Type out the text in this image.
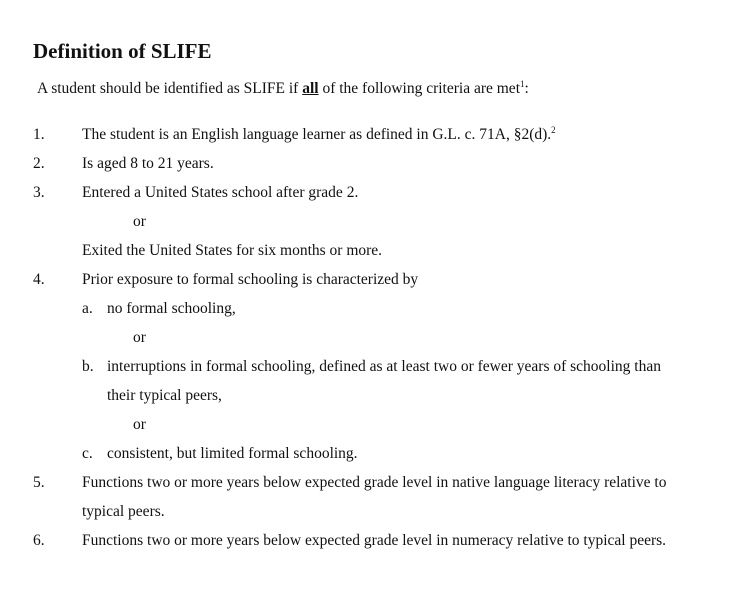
Definition of SLIFE
A student should be identified as SLIFE if all of the following criteria are met$^1$:
1. The student is an English language learner as defined in G.L. c. 71A, §2(d).$^2$
2. Is aged 8 to 21 years.
3. Entered a United States school after grade 2.
or
Exited the United States for six months or more.
4. Prior exposure to formal schooling is characterized by
a. no formal schooling,
or
b. interruptions in formal schooling, defined as at least two or fewer years of schooling than
their typical peers,
or
c. consistent, but limited formal schooling.
5. Functions two or more years below expected grade level in native language literacy relative to
typical peers.
6. Functions two or more years below expected grade level in numeracy relative to typical peers.
